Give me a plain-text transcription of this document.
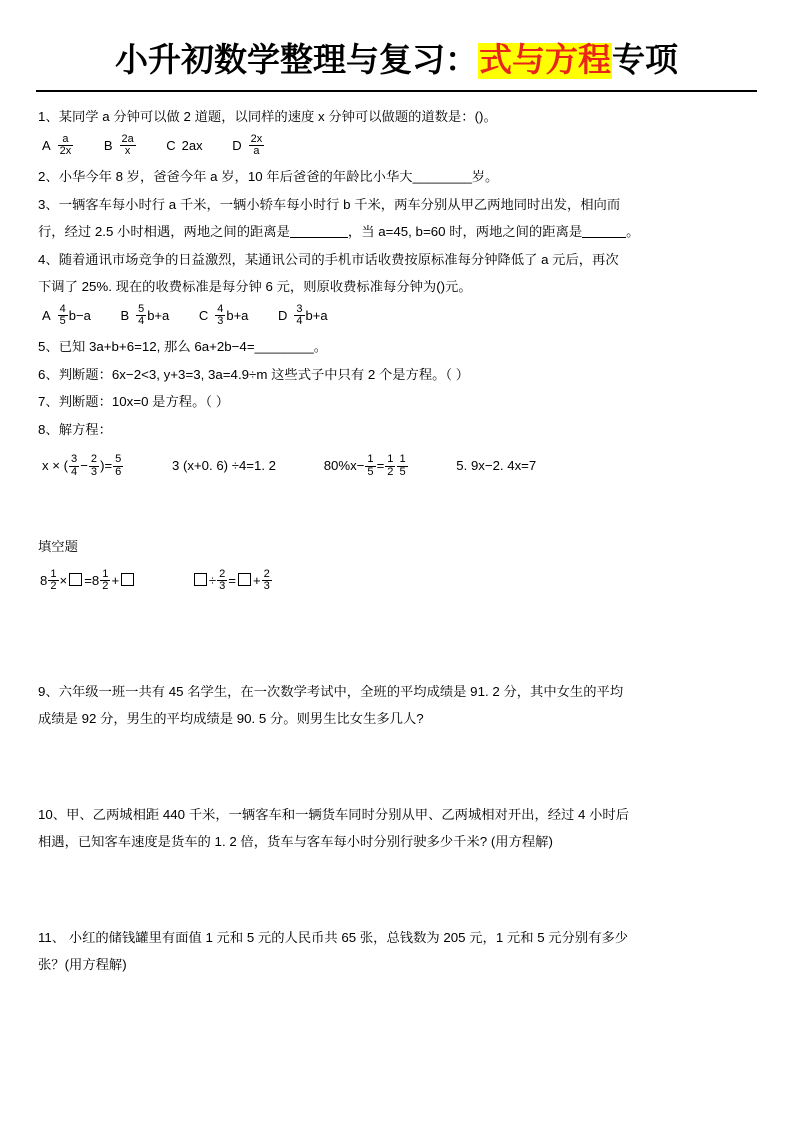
小升初数学整理与复习：式与方程专项

1、某同学 a 分钟可以做 2 道题，以同样的速度 x 分钟可以做题的道数是：()。

A $\frac{a}{2x}$ B $\frac{2a}{x}$ C 2ax D $\frac{2x}{a}$

2、小华今年 8 岁，爸爸今年 a 岁，10 年后爸爸的年龄比小华大________岁。

3、一辆客车每小时行 a 千米，一辆小轿车每小时行 b 千米，两车分别从甲乙两地同时出发，相向而

行，经过 2.5 小时相遇，两地之间的距离是	，当 a=45, b=60 时，两地之间的距离是	。

4、随着通讯市场竞争的日益激烈，某通讯公司的手机市话收费按原标准每分钟降低了 a 元后，再次

下调了 25%. 现在的收费标准是每分钟 6 元，则原收费标准每分钟为()元。

A $\frac{4}{5} b-a$ B $\frac{5}{4} b+a$ C $\frac{4}{3} b+a$ D $\frac{3}{4} b+a$

5、已知 3a+b+6=12, 那么 6a+2b−4=________。

6、判断题：6x−2<3, y+3=3, 3a=4.9÷m 这些式子中只有 2 个是方程。（ ）

7、判断题：10x=0 是方程。（ ）

8、解方程：

x × ( $\frac{3}{4} - \frac{2}{3}$ )= $\frac{5}{6}$	3 (x+0. 6) ÷4=1. 2	$80\%x- \frac{1}{5} = \frac{1}{2} \frac{1}{5}$	5. 9x−2. 4x=7

填空题

$8 \frac{1}{2} \times =8 \frac{1}{2}$ +	÷ $\frac{2}{3}$ = + $\frac{2}{3}$

9、六年级一班一共有 45 名学生，在一次数学考试中，全班的平均成绩是 91. 2 分，其中女生的平均

成绩是 92 分，男生的平均成绩是 90. 5 分。则男生比女生多几人?

10、甲、乙两城相距 440 千米，一辆客车和一辆货车同时分别从甲、乙两城相对开出，经过 4 小时后

相遇，已知客车速度是货车的 1. 2 倍，货车与客车每小时分别行驶多少千米? (用方程解)

11、 小红的储钱罐里有面值 1 元和 5 元的人民币共 65 张，总钱数为 205 元，1 元和 5 元分别有多少

张？(用方程解)
